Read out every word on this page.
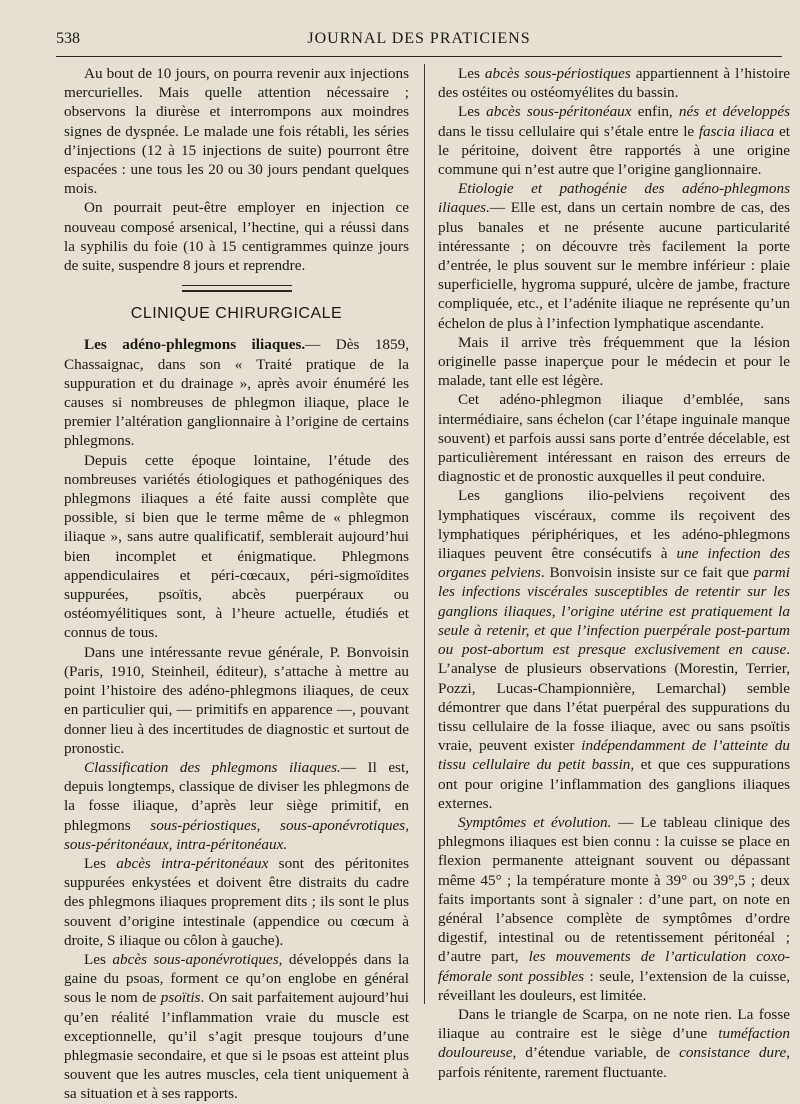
538	JOURNAL DES PRATICIENS

Au bout de 10 jours, on pourra revenir aux injections mercurielles. Mais quelle attention nécessaire ; observons la diurèse et interrompons aux moindres signes de dyspnée. Le malade une fois rétabli, les séries d’injections (12 à 15 injections de suite) pourront être espacées : une tous les 20 ou 30 jours pendant quelques mois.

On pourrait peut-être employer en injection ce nouveau composé arsenical, l’hectine, qui a réussi dans la syphilis du foie (10 à 15 centigrammes quinze jours de suite, suspendre 8 jours et reprendre.

CLINIQUE CHIRURGICALE

Les adéno-phlegmons iliaques.— Dès 1859, Chassaignac, dans son « Traité pratique de la suppuration et du drainage », après avoir énuméré les causes si nombreuses de phlegmon iliaque, place le premier l’altération ganglionnaire à l’origine de certains phlegmons.

Depuis cette époque lointaine, l’étude des nombreuses variétés étiologiques et pathogéniques des phlegmons iliaques a été faite aussi complète que possible, si bien que le terme même de « phlegmon iliaque », sans autre qualificatif, semblerait aujourd’hui bien incomplet et énigmatique. Phlegmons appendiculaires et péri-cœcaux, péri-sigmoïdites suppurées, psoïtis, abcès puerpéraux ou ostéomyélitiques sont, à l’heure actuelle, étudiés et connus de tous.

Dans une intéressante revue générale, P. Bonvoisin (Paris, 1910, Steinheil, éditeur), s’attache à mettre au point l’histoire des adéno-phlegmons iliaques, de ceux en particulier qui, — primitifs en apparence —, pouvant donner lieu à des incertitudes de diagnostic et surtout de pronostic.

Classification des phlegmons iliaques.— Il est, depuis longtemps, classique de diviser les phlegmons de la fosse iliaque, d’après leur siège primitif, en phlegmons sous-périostiques, sous-aponévrotiques, sous-péritonéaux, intra-péritonéaux.

Les abcès intra-péritonéaux sont des péritonites suppurées enkystées et doivent être distraits du cadre des phlegmons iliaques proprement dits ; ils sont le plus souvent d’origine intestinale (appendice ou cœcum à droite, S iliaque ou côlon à gauche).

Les abcès sous-aponévrotiques, développés dans la gaine du psoas, forment ce qu’on englobe en général sous le nom de psoïtis. On sait parfaitement aujourd’hui qu’en réalité l’inflammation vraie du muscle est exceptionnelle, qu’il s’agit presque toujours d’une phlegmasie secondaire, et que si le psoas est atteint plus souvent que les autres muscles, cela tient uniquement à sa situation et à ses rapports.

Les abcès sous-périostiques appartiennent à l’histoire des ostéites ou ostéomyélites du bassin.

Les abcès sous-péritonéaux enfin, nés et développés dans le tissu cellulaire qui s’étale entre le fascia iliaca et le péritoine, doivent être rapportés à une origine commune qui n’est autre que l’origine ganglionnaire.

Etiologie et pathogénie des adéno-phlegmons iliaques.— Elle est, dans un certain nombre de cas, des plus banales et ne présente aucune particularité intéressante ; on découvre très facilement la porte d’entrée, le plus souvent sur le membre inférieur : plaie superficielle, hygroma suppuré, ulcère de jambe, fracture compliquée, etc., et l’adénite iliaque ne représente qu’un échelon de plus à l’infection lymphatique ascendante.

Mais il arrive très fréquemment que la lésion originelle passe inaperçue pour le médecin et pour le malade, tant elle est légère.

Cet adéno-phlegmon iliaque d’emblée, sans intermédiaire, sans échelon (car l’étape inguinale manque souvent) et parfois aussi sans porte d’entrée décelable, est particulièrement intéressant en raison des erreurs de diagnostic et de pronostic auxquelles il peut conduire.

Les ganglions ilio-pelviens reçoivent des lymphatiques viscéraux, comme ils reçoivent des lymphatiques périphériques, et les adéno-phlegmons iliaques peuvent être consécutifs à une infection des organes pelviens. Bonvoisin insiste sur ce fait que parmi les infections viscérales susceptibles de retentir sur les ganglions iliaques, l’origine utérine est pratiquement la seule à retenir, et que l’infection puerpérale post-partum ou post-abortum est presque exclusivement en cause. L’analyse de plusieurs observations (Morestin, Terrier, Pozzi, Lucas-Championnière, Lemarchal) semble démontrer que dans l’état puerpéral des suppurations du tissu cellulaire de la fosse iliaque, avec ou sans psoïtis vraie, peuvent exister indépendamment de l’atteinte du tissu cellulaire du petit bassin, et que ces suppurations ont pour origine l’inflammation des ganglions iliaques externes.

Symptômes et évolution. — Le tableau clinique des phlegmons iliaques est bien connu : la cuisse se place en flexion permanente atteignant souvent ou dépassant même 45° ; la température monte à 39° ou 39°,5 ; deux faits importants sont à signaler : d’une part, on note en général l’absence complète de symptômes d’ordre digestif, intestinal ou de retentissement péritonéal ; d’autre part, les mouvements de l’articulation coxo-fémorale sont possibles : seule, l’extension de la cuisse, réveillant les douleurs, est limitée.

Dans le triangle de Scarpa, on ne note rien. La fosse iliaque au contraire est le siège d’une tuméfaction douloureuse, d’étendue variable, de consistance dure, parfois rénitente, rarement fluctuante.
